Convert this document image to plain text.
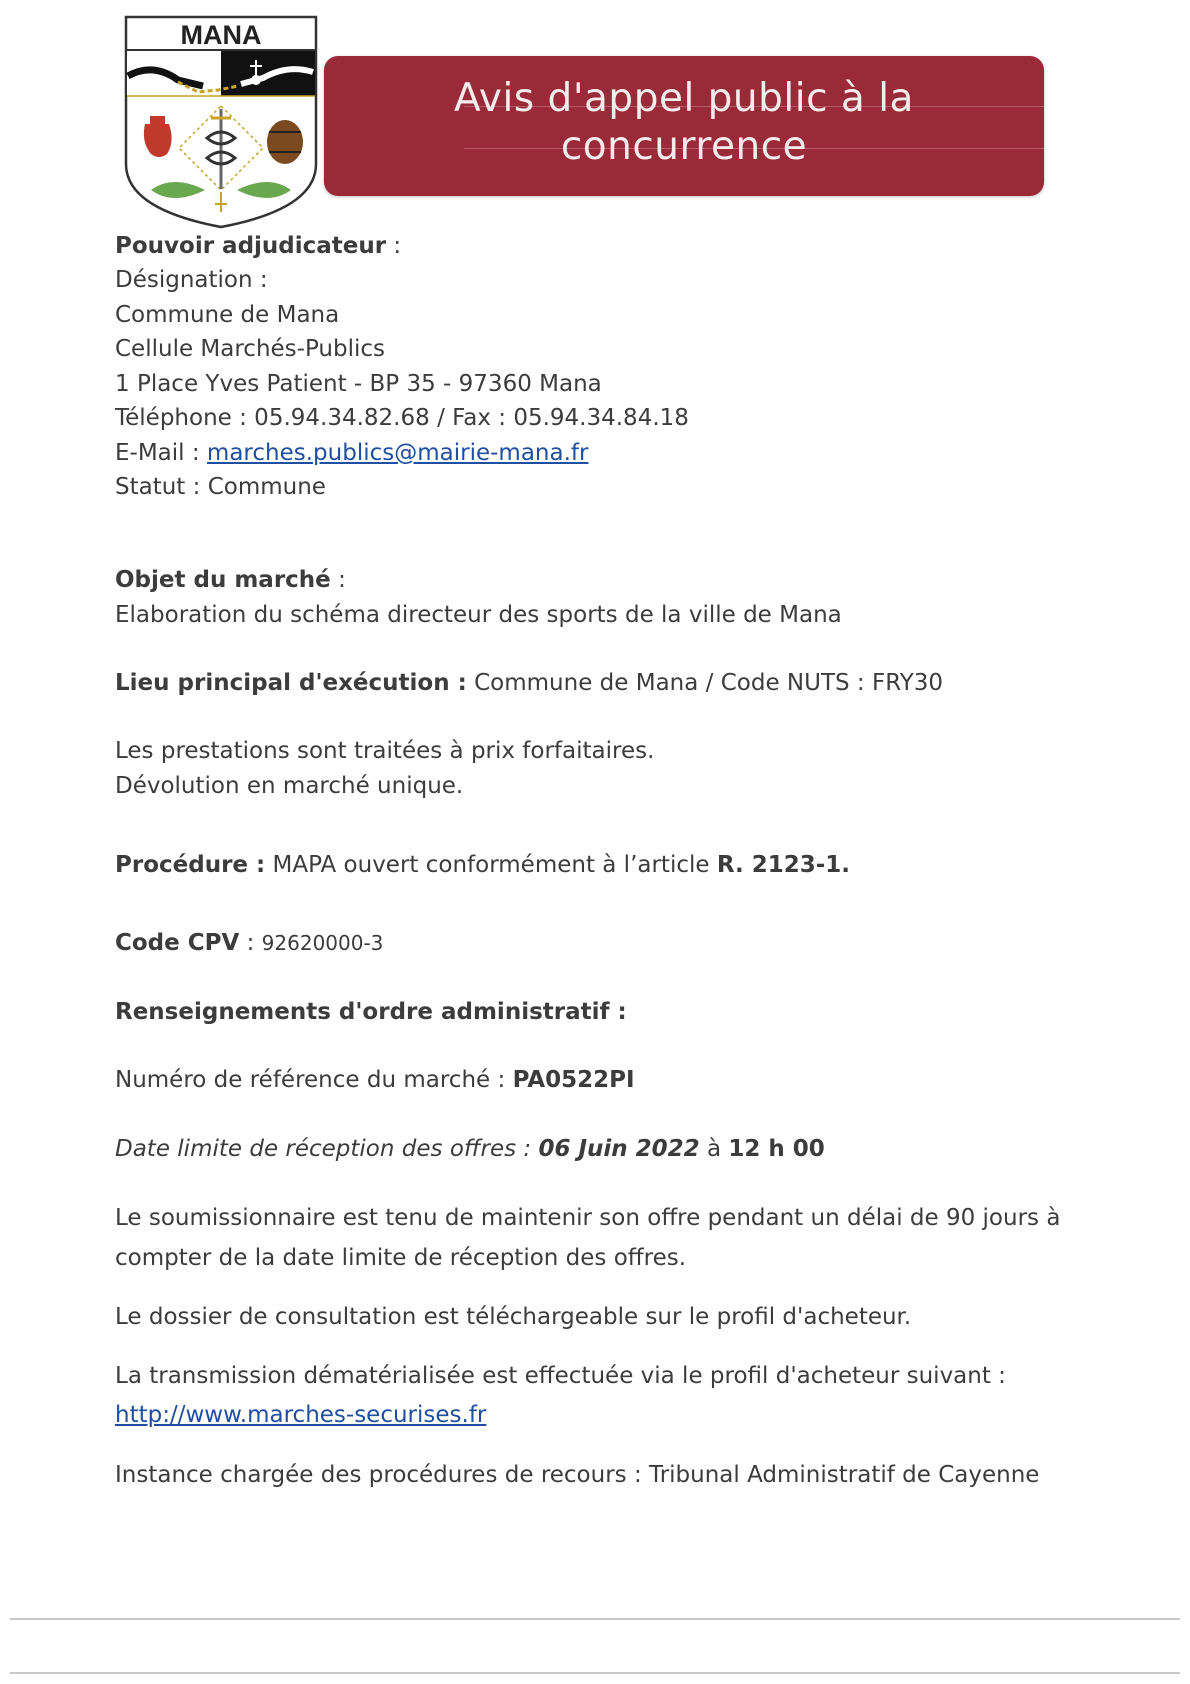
MANA
Avis d'appel public à la
concurrence
Pouvoir adjudicateur :
Désignation :
Commune de Mana
Cellule Marchés-Publics
1 Place Yves Patient - BP 35 - 97360 Mana
Téléphone : 05.94.34.82.68 / Fax : 05.94.34.84.18
E-Mail : marches.publics@mairie-mana.fr
Statut : Commune
Objet du marché :
Elaboration du schéma directeur des sports de la ville de Mana
Lieu principal d'exécution : Commune de Mana / Code NUTS : FRY30
Les prestations sont traitées à prix forfaitaires.
Dévolution en marché unique.
Procédure : MAPA ouvert conformément à l’article R. 2123-1.
Code CPV : 92620000-3
Renseignements d'ordre administratif :
Numéro de référence du marché : PA0522PI
Date limite de réception des offres : 06 Juin 2022 à 12 h 00
Le soumissionnaire est tenu de maintenir son offre pendant un délai de 90 jours à
compter de la date limite de réception des offres.
Le dossier de consultation est téléchargeable sur le profil d'acheteur.
La transmission dématérialisée est effectuée via le profil d'acheteur suivant :
http://www.marches-securises.fr
Instance chargée des procédures de recours : Tribunal Administratif de Cayenne
